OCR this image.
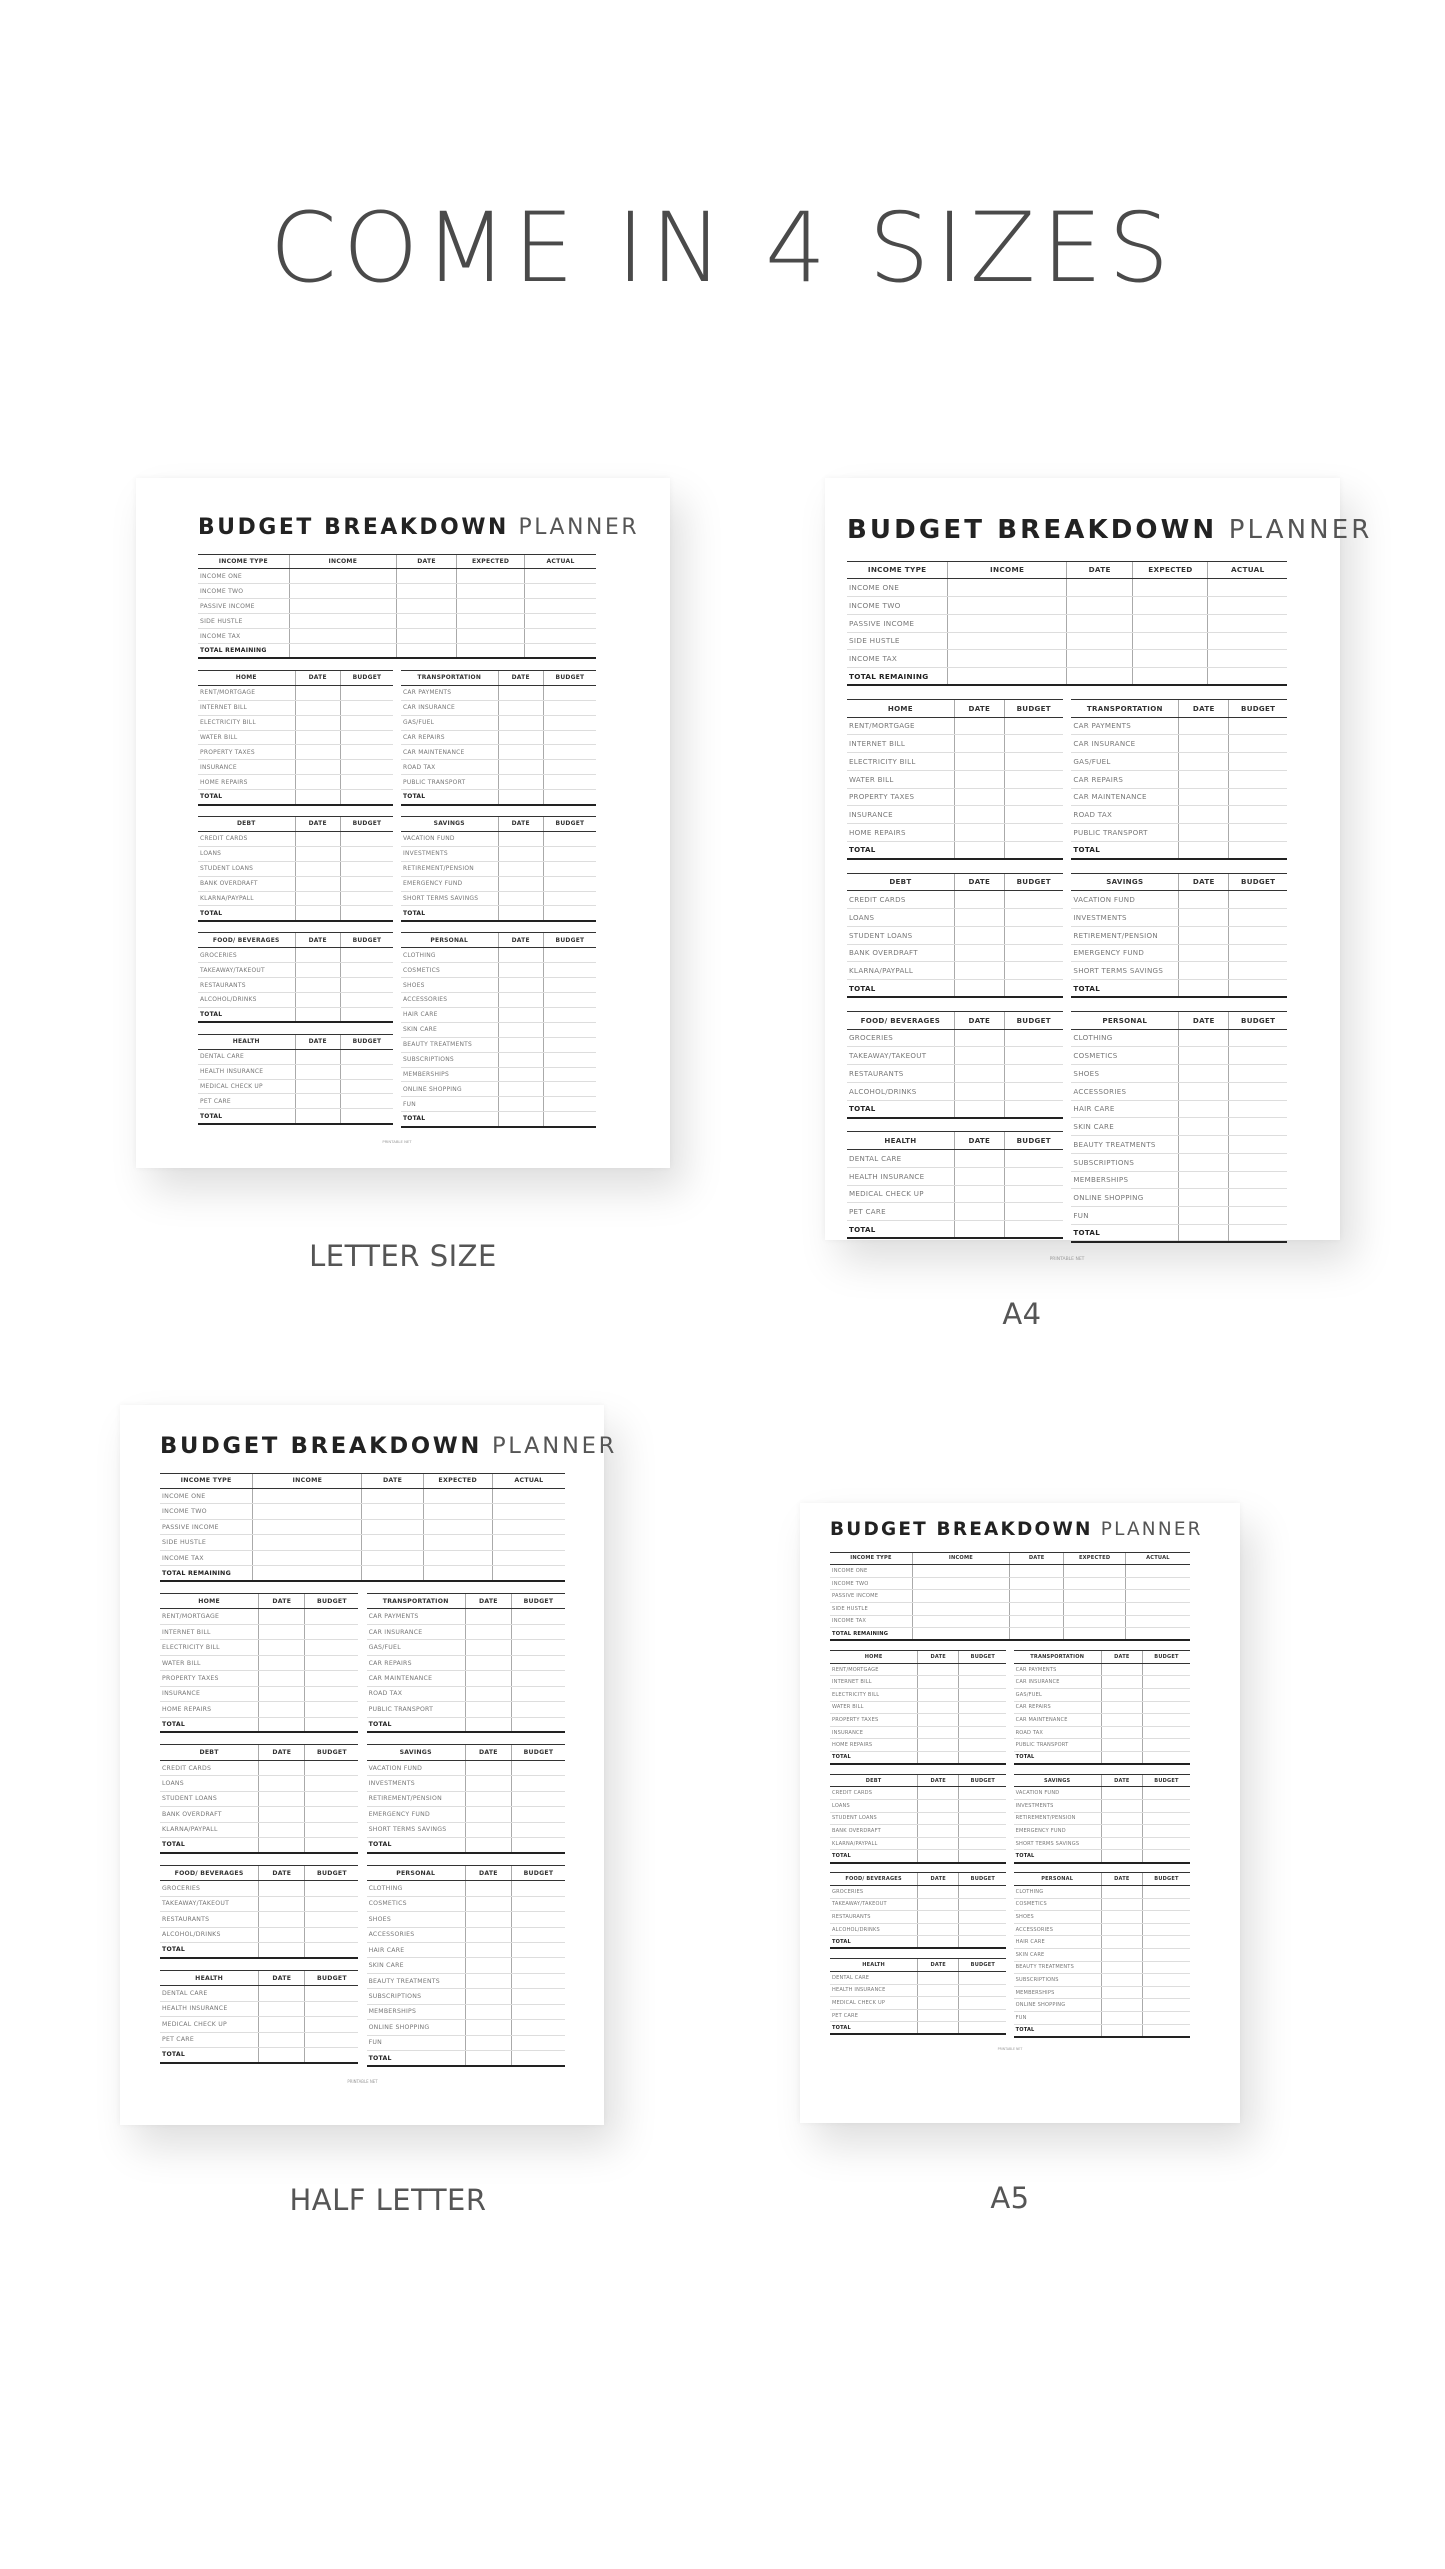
COME IN 4 SIZES
BUDGET BREAKDOWN PLANNER
INCOME TYPE	INCOME	DATE	EXPECTED	ACTUAL
INCOME ONE				
INCOME TWO				
PASSIVE INCOME				
SIDE HUSTLE				
INCOME TAX				
TOTAL REMAINING				
HOME	DATE	BUDGET
RENT/MORTGAGE		
INTERNET BILL		
ELECTRICITY BILL		
WATER BILL		
PROPERTY TAXES		
INSURANCE		
HOME REPAIRS		
TOTAL		
DEBT	DATE	BUDGET
CREDIT CARDS		
LOANS		
STUDENT LOANS		
BANK OVERDRAFT		
KLARNA/PAYPALL		
TOTAL		
FOOD/ BEVERAGES	DATE	BUDGET
GROCERIES		
TAKEAWAY/TAKEOUT		
RESTAURANTS		
ALCOHOL/DRINKS		
TOTAL		
HEALTH	DATE	BUDGET
DENTAL CARE		
HEALTH INSURANCE		
MEDICAL CHECK UP		
PET CARE		
TOTAL		
TRANSPORTATION	DATE	BUDGET
CAR PAYMENTS		
CAR INSURANCE		
GAS/FUEL		
CAR REPAIRS		
CAR MAINTENANCE		
ROAD TAX		
PUBLIC TRANSPORT		
TOTAL		
SAVINGS	DATE	BUDGET
VACATION FUND		
INVESTMENTS		
RETIREMENT/PENSION		
EMERGENCY FUND		
SHORT TERMS SAVINGS		
TOTAL		
PERSONAL	DATE	BUDGET
CLOTHING		
COSMETICS		
SHOES		
ACCESSORIES		
HAIR CARE		
SKIN CARE		
BEAUTY TREATMENTS		
SUBSCRIPTIONS		
MEMBERSHIPS		
ONLINE SHOPPING		
FUN		
TOTAL		
PRINTABLE NET
LETTER SIZE
BUDGET BREAKDOWN PLANNER
INCOME TYPE	INCOME	DATE	EXPECTED	ACTUAL
INCOME ONE				
INCOME TWO				
PASSIVE INCOME				
SIDE HUSTLE				
INCOME TAX				
TOTAL REMAINING				
HOME	DATE	BUDGET
RENT/MORTGAGE		
INTERNET BILL		
ELECTRICITY BILL		
WATER BILL		
PROPERTY TAXES		
INSURANCE		
HOME REPAIRS		
TOTAL		
DEBT	DATE	BUDGET
CREDIT CARDS		
LOANS		
STUDENT LOANS		
BANK OVERDRAFT		
KLARNA/PAYPALL		
TOTAL		
FOOD/ BEVERAGES	DATE	BUDGET
GROCERIES		
TAKEAWAY/TAKEOUT		
RESTAURANTS		
ALCOHOL/DRINKS		
TOTAL		
HEALTH	DATE	BUDGET
DENTAL CARE		
HEALTH INSURANCE		
MEDICAL CHECK UP		
PET CARE		
TOTAL		
TRANSPORTATION	DATE	BUDGET
CAR PAYMENTS		
CAR INSURANCE		
GAS/FUEL		
CAR REPAIRS		
CAR MAINTENANCE		
ROAD TAX		
PUBLIC TRANSPORT		
TOTAL		
SAVINGS	DATE	BUDGET
VACATION FUND		
INVESTMENTS		
RETIREMENT/PENSION		
EMERGENCY FUND		
SHORT TERMS SAVINGS		
TOTAL		
PERSONAL	DATE	BUDGET
CLOTHING		
COSMETICS		
SHOES		
ACCESSORIES		
HAIR CARE		
SKIN CARE		
BEAUTY TREATMENTS		
SUBSCRIPTIONS		
MEMBERSHIPS		
ONLINE SHOPPING		
FUN		
TOTAL		
PRINTABLE NET
A4
BUDGET BREAKDOWN PLANNER
INCOME TYPE	INCOME	DATE	EXPECTED	ACTUAL
INCOME ONE				
INCOME TWO				
PASSIVE INCOME				
SIDE HUSTLE				
INCOME TAX				
TOTAL REMAINING				
HOME	DATE	BUDGET
RENT/MORTGAGE		
INTERNET BILL		
ELECTRICITY BILL		
WATER BILL		
PROPERTY TAXES		
INSURANCE		
HOME REPAIRS		
TOTAL		
DEBT	DATE	BUDGET
CREDIT CARDS		
LOANS		
STUDENT LOANS		
BANK OVERDRAFT		
KLARNA/PAYPALL		
TOTAL		
FOOD/ BEVERAGES	DATE	BUDGET
GROCERIES		
TAKEAWAY/TAKEOUT		
RESTAURANTS		
ALCOHOL/DRINKS		
TOTAL		
HEALTH	DATE	BUDGET
DENTAL CARE		
HEALTH INSURANCE		
MEDICAL CHECK UP		
PET CARE		
TOTAL		
TRANSPORTATION	DATE	BUDGET
CAR PAYMENTS		
CAR INSURANCE		
GAS/FUEL		
CAR REPAIRS		
CAR MAINTENANCE		
ROAD TAX		
PUBLIC TRANSPORT		
TOTAL		
SAVINGS	DATE	BUDGET
VACATION FUND		
INVESTMENTS		
RETIREMENT/PENSION		
EMERGENCY FUND		
SHORT TERMS SAVINGS		
TOTAL		
PERSONAL	DATE	BUDGET
CLOTHING		
COSMETICS		
SHOES		
ACCESSORIES		
HAIR CARE		
SKIN CARE		
BEAUTY TREATMENTS		
SUBSCRIPTIONS		
MEMBERSHIPS		
ONLINE SHOPPING		
FUN		
TOTAL		
PRINTABLE NET
HALF LETTER
BUDGET BREAKDOWN PLANNER
INCOME TYPE	INCOME	DATE	EXPECTED	ACTUAL
INCOME ONE				
INCOME TWO				
PASSIVE INCOME				
SIDE HUSTLE				
INCOME TAX				
TOTAL REMAINING				
HOME	DATE	BUDGET
RENT/MORTGAGE		
INTERNET BILL		
ELECTRICITY BILL		
WATER BILL		
PROPERTY TAXES		
INSURANCE		
HOME REPAIRS		
TOTAL		
DEBT	DATE	BUDGET
CREDIT CARDS		
LOANS		
STUDENT LOANS		
BANK OVERDRAFT		
KLARNA/PAYPALL		
TOTAL		
FOOD/ BEVERAGES	DATE	BUDGET
GROCERIES		
TAKEAWAY/TAKEOUT		
RESTAURANTS		
ALCOHOL/DRINKS		
TOTAL		
HEALTH	DATE	BUDGET
DENTAL CARE		
HEALTH INSURANCE		
MEDICAL CHECK UP		
PET CARE		
TOTAL		
TRANSPORTATION	DATE	BUDGET
CAR PAYMENTS		
CAR INSURANCE		
GAS/FUEL		
CAR REPAIRS		
CAR MAINTENANCE		
ROAD TAX		
PUBLIC TRANSPORT		
TOTAL		
SAVINGS	DATE	BUDGET
VACATION FUND		
INVESTMENTS		
RETIREMENT/PENSION		
EMERGENCY FUND		
SHORT TERMS SAVINGS		
TOTAL		
PERSONAL	DATE	BUDGET
CLOTHING		
COSMETICS		
SHOES		
ACCESSORIES		
HAIR CARE		
SKIN CARE		
BEAUTY TREATMENTS		
SUBSCRIPTIONS		
MEMBERSHIPS		
ONLINE SHOPPING		
FUN		
TOTAL		
PRINTABLE NET
A5
